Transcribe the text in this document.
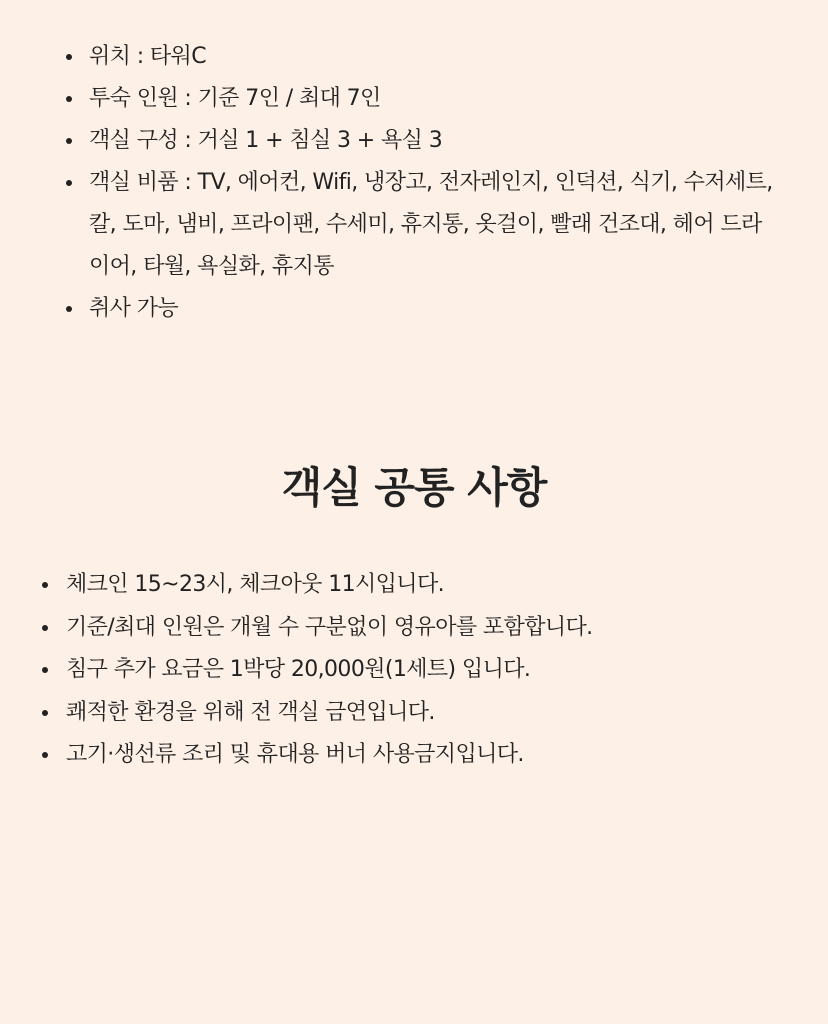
위치 : 타워C
투숙 인원 : 기준 7인 / 최대 7인
객실 구성 : 거실 1 + 침실 3 + 욕실 3
객실 비품 : TV, 에어컨, Wifi, 냉장고, 전자레인지, 인덕션, 식기, 수저세트, 칼, 도마, 냄비, 프라이팬, 수세미, 휴지통, 옷걸이, 빨래 건조대, 헤어 드라이어, 타월, 욕실화, 휴지통
취사 가능
객실 공통 사항
체크인 15~23시, 체크아웃 11시입니다.
기준/최대 인원은 개월 수 구분없이 영유아를 포함합니다.
침구 추가 요금은 1박당 20,000원(1세트) 입니다.
쾌적한 환경을 위해 전 객실 금연입니다.
고기·생선류 조리 및 휴대용 버너 사용금지입니다.
